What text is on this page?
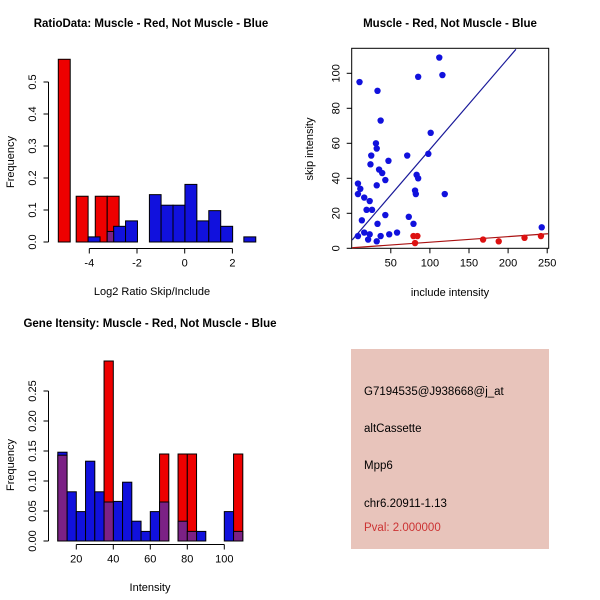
-4	-2	0	2
0.0
0.1
0.2
0.3
0.4
0.5
RatioData: Muscle - Red, Not Muscle - Blue
Log2 Ratio Skip/Include
Frequency
50 100 150 200 250
0
20
40
60
80
100
Muscle - Red, Not Muscle - Blue
include intensity
skip intensity
20 40 60 80 100
0.00
0.05
0.10
0.15
0.20
0.25
Gene Itensity: Muscle - Red, Not Muscle - Blue
Intensity
Frequency
G7194535@J938668@j_at
altCassette
Mpp6
chr6.20911-1.13
Pval: 2.000000
